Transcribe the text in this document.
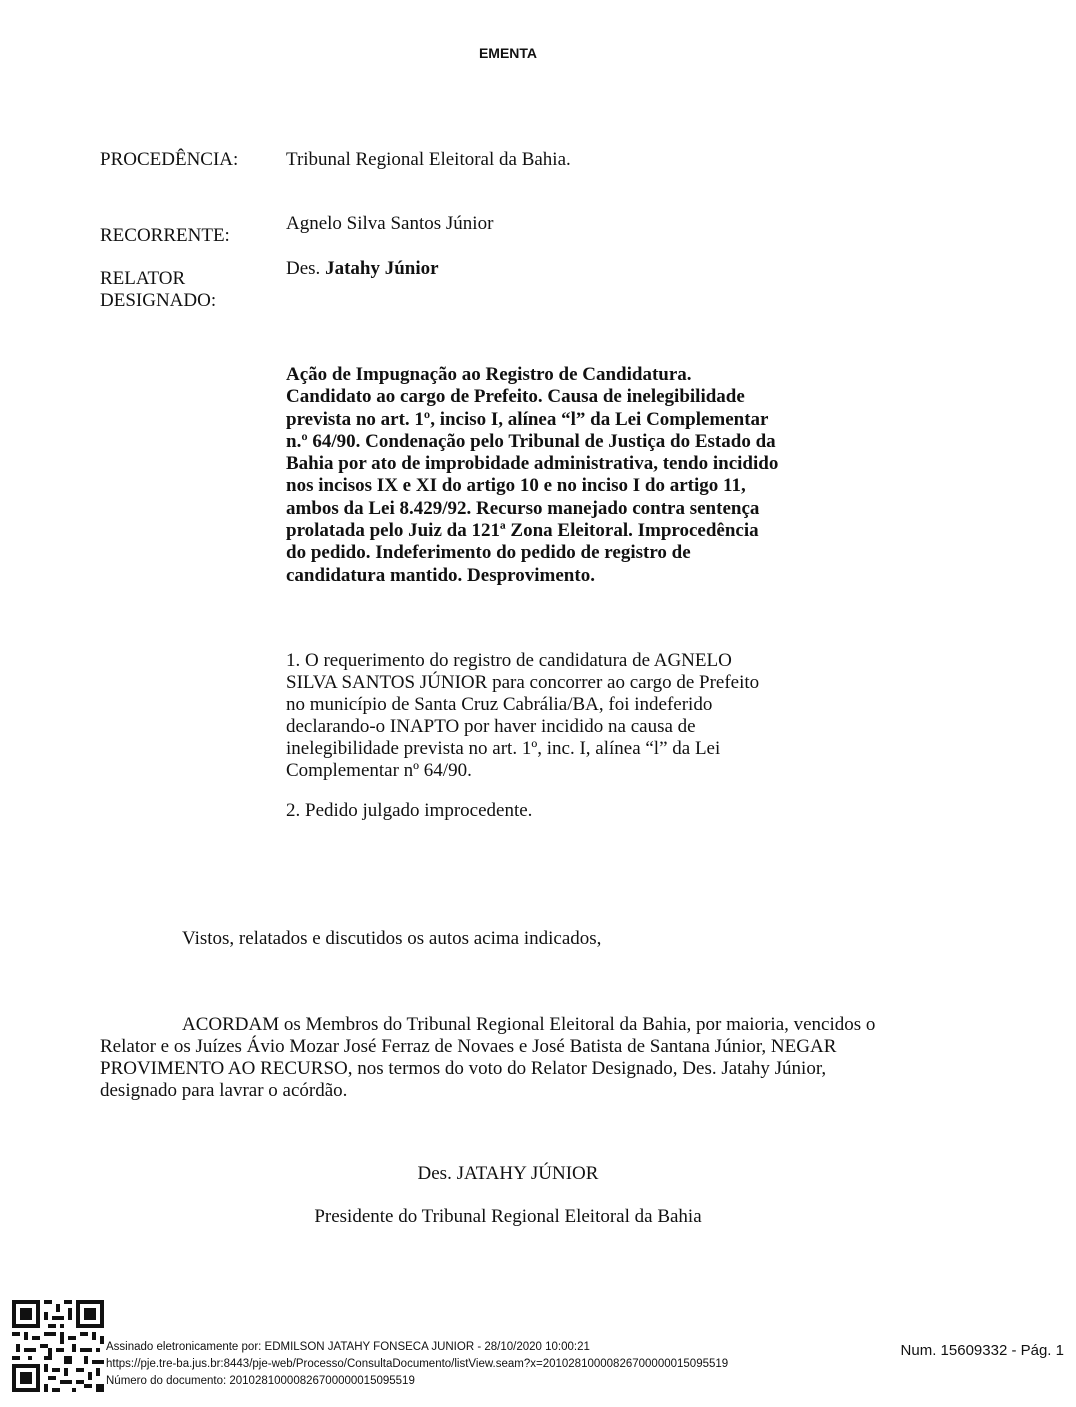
EMENTA
PROCEDÊNCIA:	Tribunal Regional Eleitoral da Bahia.
RECORRENTE:
Agnelo Silva Santos Júnior
RELATOR
DESIGNADO:
Des. Jatahy Júnior
Ação de Impugnação ao Registro de Candidatura.
Candidato ao cargo de Prefeito. Causa de inelegibilidade
prevista no art. 1º, inciso I, alínea “l” da Lei Complementar
n.º 64/90. Condenação pelo Tribunal de Justiça do Estado da
Bahia por ato de improbidade administrativa, tendo incidido
nos incisos IX e XI do artigo 10 e no inciso I do artigo 11,
ambos da Lei 8.429/92. Recurso manejado contra sentença
prolatada pelo Juiz da 121ª Zona Eleitoral. Improcedência
do pedido. Indeferimento do pedido de registro de
candidatura mantido. Desprovimento.
1. O requerimento do registro de candidatura de AGNELO
SILVA SANTOS JÚNIOR para concorrer ao cargo de Prefeito
no município de Santa Cruz Cabrália/BA, foi indeferido
declarando-o INAPTO por haver incidido na causa de
inelegibilidade prevista no art. 1º, inc. I, alínea “l” da Lei
Complementar nº 64/90.
2. Pedido julgado improcedente.
Vistos, relatados e discutidos os autos acima indicados,
ACORDAM os Membros do Tribunal Regional Eleitoral da Bahia, por maioria, vencidos o
Relator e os Juízes Ávio Mozar José Ferraz de Novaes e José Batista de Santana Júnior, NEGAR
PROVIMENTO AO RECURSO, nos termos do voto do Relator Designado, Des. Jatahy Júnior,
designado para lavrar o acórdão.
Des. JATAHY JÚNIOR
Presidente do Tribunal Regional Eleitoral da Bahia
Assinado eletronicamente por: EDMILSON JATAHY FONSECA JUNIOR - 28/10/2020 10:00:21
https://pje.tre-ba.jus.br:8443/pje-web/Processo/ConsultaDocumento/listView.seam?x=20102810000826700000015095519
Número do documento: 20102810000826700000015095519
Num. 15609332 - Pág. 1
